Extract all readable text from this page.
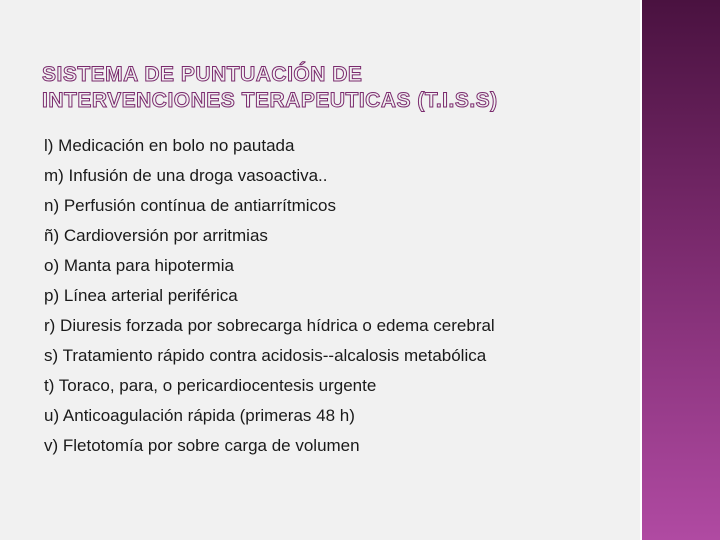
SISTEMA DE PUNTUACIÓN DE
INTERVENCIONES TERAPEUTICAS (T.I.S.S)
l) Medicación en bolo no pautada
m) Infusión de una droga vasoactiva..
n) Perfusión contínua de antiarrítmicos
ñ) Cardioversión por arritmias
o) Manta para hipotermia
p) Línea arterial periférica
r) Diuresis forzada por sobrecarga hídrica o edema cerebral
s) Tratamiento rápido contra acidosis--alcalosis metabólica
t) Toraco, para, o pericardiocentesis urgente
u) Anticoagulación rápida (primeras 48 h)
v) Fletotomía por sobre carga de volumen
